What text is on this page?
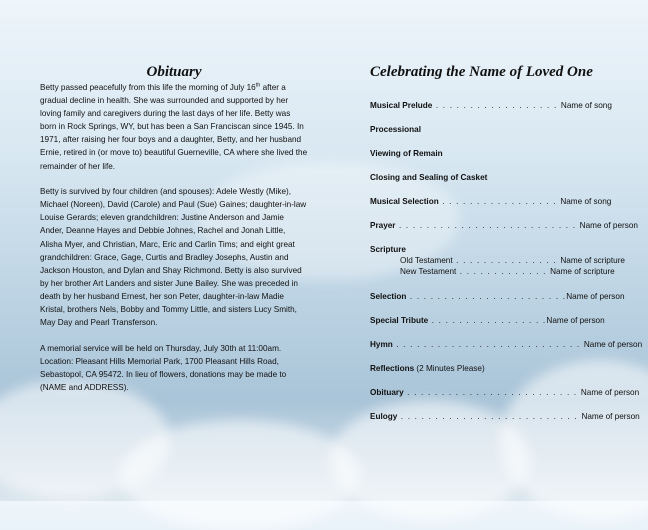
Obituary

Betty passed peacefully from this life the morning of July 16th after a gradual decline in health. She was surrounded and supported by her loving family and caregivers during the last days of her life. Betty was born in Rock Springs, WY, but has been a San Franciscan since 1945. In 1971, after raising her four boys and a daughter, Betty, and her husband Ernie, retired in (or move to) beautiful Guerneville, CA where she lived the remainder of her life.

Betty is survived by four children (and spouses): Adele Westly (Mike), Michael (Noreen), David (Carole) and Paul (Sue) Gaines; daughter-in-law Louise Gerards; eleven grandchildren: Justine Anderson and Jamie Ander, Deanne Hayes and Debbie Johnes, Rachel and Jonah Little, Alisha Myer, and Christian, Marc, Eric and Carlin Tims; and eight great grandchildren: Grace, Gage, Curtis and Bradley Josephs, Austin and Jackson Houston, and Dylan and Shay Richmond. Betty is also survived by her brother Art Landers and sister June Bailey. She was preceded in death by her husband Ernest, her son Peter, daughter-in-law Madie Kristal, brothers Nels, Bobby and Tommy Little, and sisters Lucy Smith, May Day and Pearl Transferson.

A memorial service will be held on Thursday, July 30th at 11:00am. Location: Pleasant Hills Memorial Park, 1700 Pleasant Hills Road, Sebastopol, CA 95472. In lieu of flowers, donations may be made to (NAME and ADDRESS).

Celebrating the Name of Loved One
Musical Prelude . . . . . . . . . . . . . . . . . . Name of song
Processional
Viewing of Remain
Closing and Sealing of Casket
Musical Selection . . . . . . . . . . . . . . . . . Name of song
Prayer . . . . . . . . . . . . . . . . . . . . . . . . . . Name of person
Scripture
Old Testament . . . . . . . . . . . . . . . Name of scripture
New Testament . . . . . . . . . . . . . Name of scripture
Selection . . . . . . . . . . . . . . . . . . . . . . .Name of person
Special Tribute . . . . . . . . . . . . . . . . .Name of person
Hymn . . . . . . . . . . . . . . . . . . . . . . . . . . . Name of person
Reflections (2 Minutes Please)
Obituary . . . . . . . . . . . . . . . . . . . . . . . . . Name of person
Eulogy . . . . . . . . . . . . . . . . . . . . . . . . . . Name of person
